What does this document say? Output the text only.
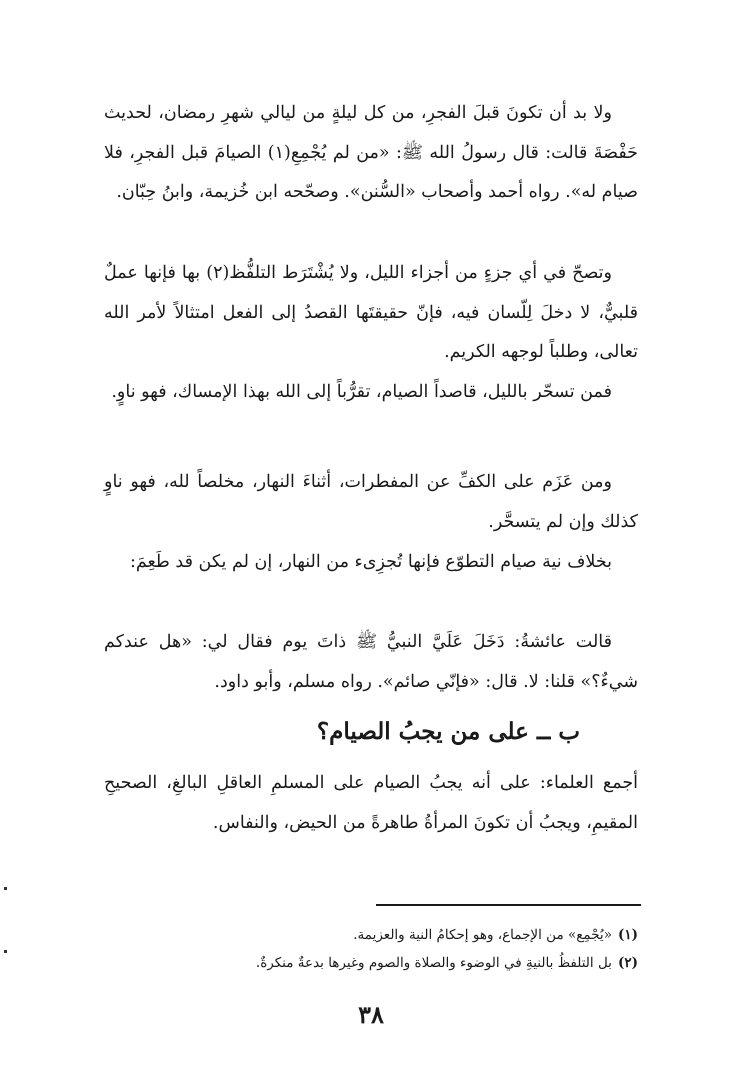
ولا بد أن تكونَ قبلَ الفجرِ، من كل ليلةٍ من ليالي شهرِ رمضان، لحديث حَفْصَةَ قالت: قال رسولُ الله ﷺ: «من لم يُجْمِعِ(١) الصيامَ قبل الفجرِ، فلا صيام له». رواه أحمد وأصحاب «السُّنن». وصحّحه ابن خُزيمة، وابنُ حِبّان.

وتصحّ في أي جزءٍ من أجزاء الليل، ولا يُشْتَرَط التلفُّظ(٢) بها فإنها عملٌ قلبيٌّ، لا دخلَ لِلّسان فيه، فإنّ حقيقتَها القصدُ إلى الفعل امتثالاً لأمر الله تعالى، وطلباً لوجهه الكريم.

فمن تسحّر بالليل، قاصداً الصيام، تقرُّباً إلى الله بهذا الإمساك، فهو ناوٍ.

ومن عَزَم على الكفِّ عن المفطرات، أثناءَ النهار، مخلصاً لله، فهو ناوٍ كذلك وإن لم يتسحَّر.

بخلاف نية صيام التطوّع فإنها تُجزِىء من النهار، إن لم يكن قد طَعِمَ:

قالت عائشةُ: دَخَلَ عَلَيَّ النبيُّ ﷺ ذاتَ يوم فقال لي: «هل عندكم شيءٌ؟» قلنا: لا. قال: «فإنّي صائم». رواه مسلم، وأبو داود.

ب ــ على من يجبُ الصيام؟

أجمع العلماء: على أنه يجبُ الصيام على المسلمِ العاقلِ البالغِ، الصحيحِ المقيمِ، ويجبُ أن تكونَ المرأةُ طاهرةً من الحيض، والنفاس.

(١)«يُجْمِع» من الإجماع، وهو إحكامُ النية والعزيمة.

(٢)بل التلفظُ بالنيةِ في الوضوء والصلاة والصوم وغيرها بدعةٌ منكرةٌ.

٣٨
